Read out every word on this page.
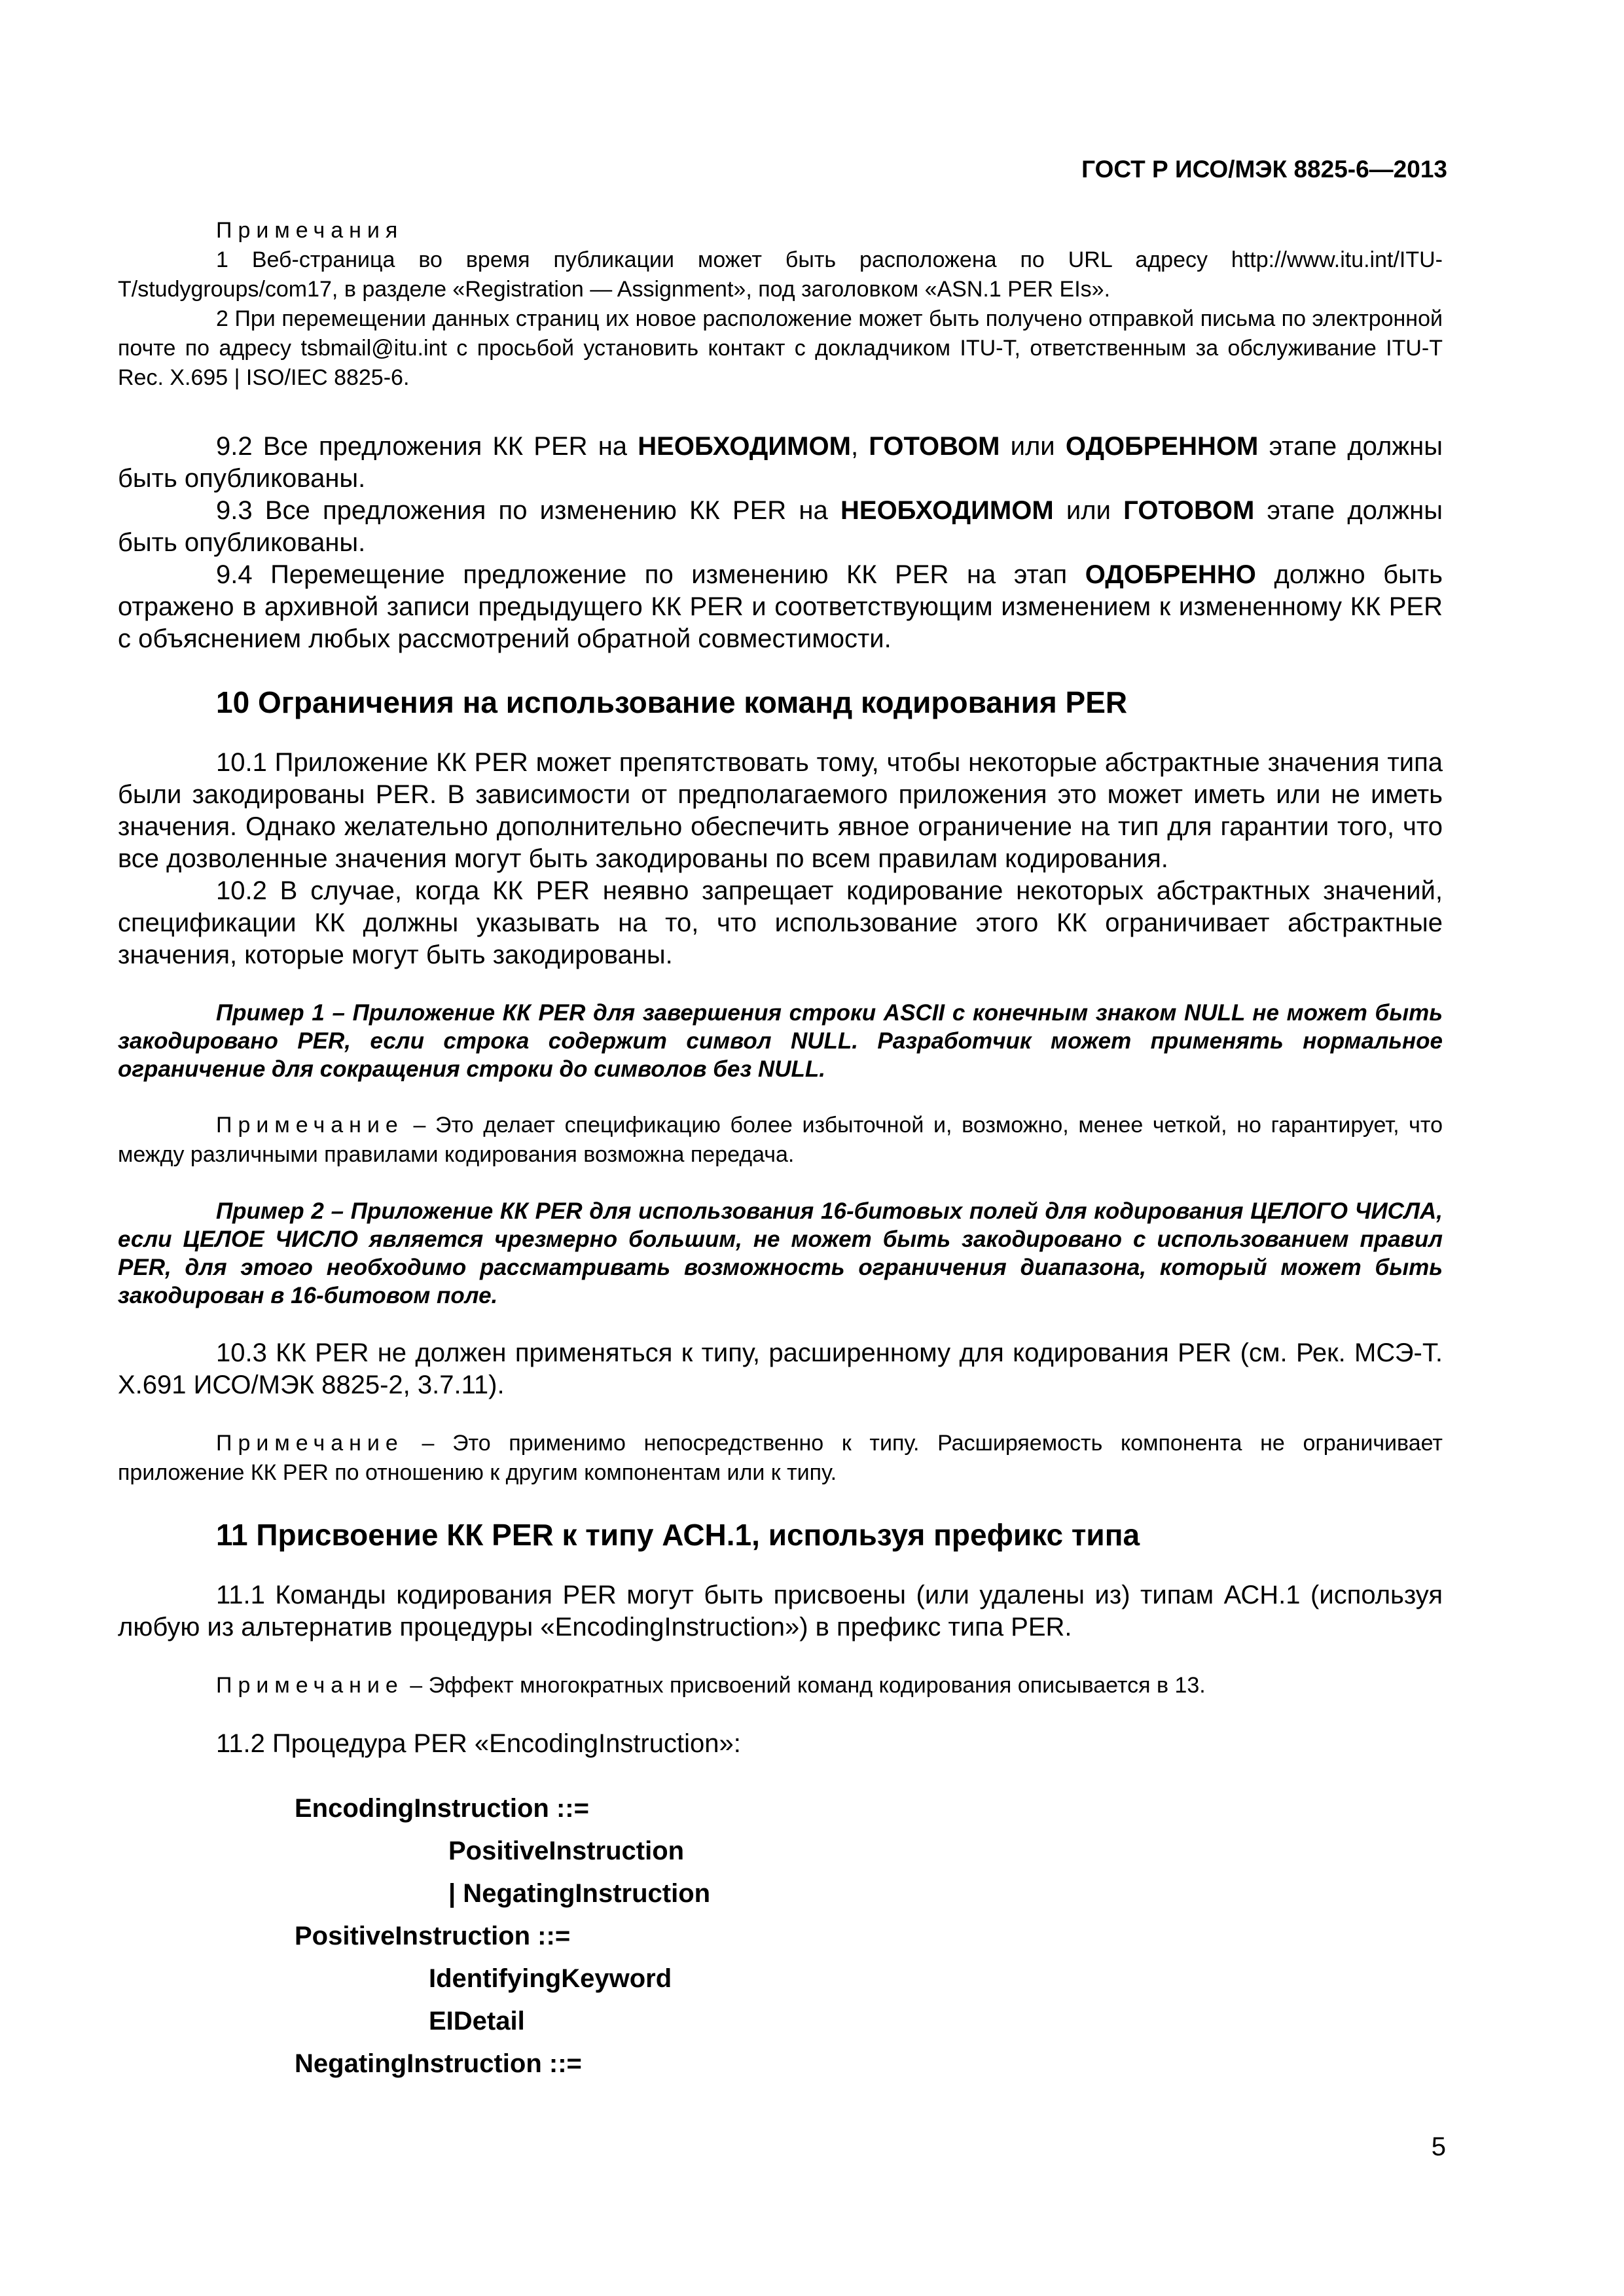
ГОСТ Р ИСО/МЭК 8825-6—2013

Примечания

1 Веб-страница во время публикации может быть расположена по URL адресу http://www.itu.int/ITU-T/studygroups/com17, в разделе «Registration — Assignment», под заголовком «ASN.1 PER EIs».

2 При перемещении данных страниц их новое расположение может быть получено отправкой письма по электронной почте по адресу tsbmail@itu.int с просьбой установить контакт с докладчиком ITU-T, ответственным за обслуживание ITU-T Rec. X.695 | ISO/IEC 8825-6.

9.2 Все предложения КК PER на НЕОБХОДИМОМ, ГОТОВОМ или ОДОБРЕННОМ этапе должны быть опубликованы.

9.3 Все предложения по изменению КК PER на НЕОБХОДИМОМ или ГОТОВОМ этапе должны быть опубликованы.

9.4 Перемещение предложение по изменению КК PER на этап ОДОБРЕННО должно быть отражено в архивной записи предыдущего КК PER и соответствующим изменением к измененному КК PER с объяснением любых рассмотрений обратной совместимости.

10 Ограничения на использование команд кодирования PER

10.1 Приложение КК PER может препятствовать тому, чтобы некоторые абстрактные значения типа были закодированы PER. В зависимости от предполагаемого приложения это может иметь или не иметь значения. Однако желательно дополнительно обеспечить явное ограничение на тип для гарантии того, что все дозволенные значения могут быть закодированы по всем правилам кодирования.

10.2 В случае, когда КК PER неявно запрещает кодирование некоторых абстрактных значений, спецификации КК должны указывать на то, что использование этого КК ограничивает абстрактные значения, которые могут быть закодированы.

Пример 1 – Приложение КК PER для завершения строки ASCII с конечным знаком NULL не может быть закодировано PER, если строка содержит символ NULL. Разработчик может применять нормальное ограничение для сокращения строки до символов без NULL.

Примечание – Это делает спецификацию более избыточной и, возможно, менее четкой, но гарантирует, что между различными правилами кодирования возможна передача.

Пример 2 – Приложение КК PER для использования 16-битовых полей для кодирования ЦЕЛОГО ЧИСЛА, если ЦЕЛОЕ ЧИСЛО является чрезмерно большим, не может быть закодировано с использованием правил PER, для этого необходимо рассматривать возможность ограничения диапазона, который может быть закодирован в 16-битовом поле.

10.3 КК PER не должен применяться к типу, расширенному для кодирования PER (см. Рек. МСЭ-Т. Х.691 ИСО/МЭК 8825-2, 3.7.11).

Примечание – Это применимо непосредственно к типу. Расширяемость компонента не ограничивает приложение КК PER по отношению к другим компонентам или к типу.

11 Присвоение КК PER к типу АСН.1, используя префикс типа

11.1 Команды кодирования PER могут быть присвоены (или удалены из) типам АСН.1 (используя любую из альтернатив процедуры «EncodingInstruction») в префикс типа PER.

Примечание – Эффект многократных присвоений команд кодирования описывается в 13.

11.2 Процедура PER «EncodingInstruction»:

EncodingInstruction ::=
PositiveInstruction
| NegatingInstruction
PositiveInstruction ::=
IdentifyingKeyword
EIDetail
NegatingInstruction ::=
5
